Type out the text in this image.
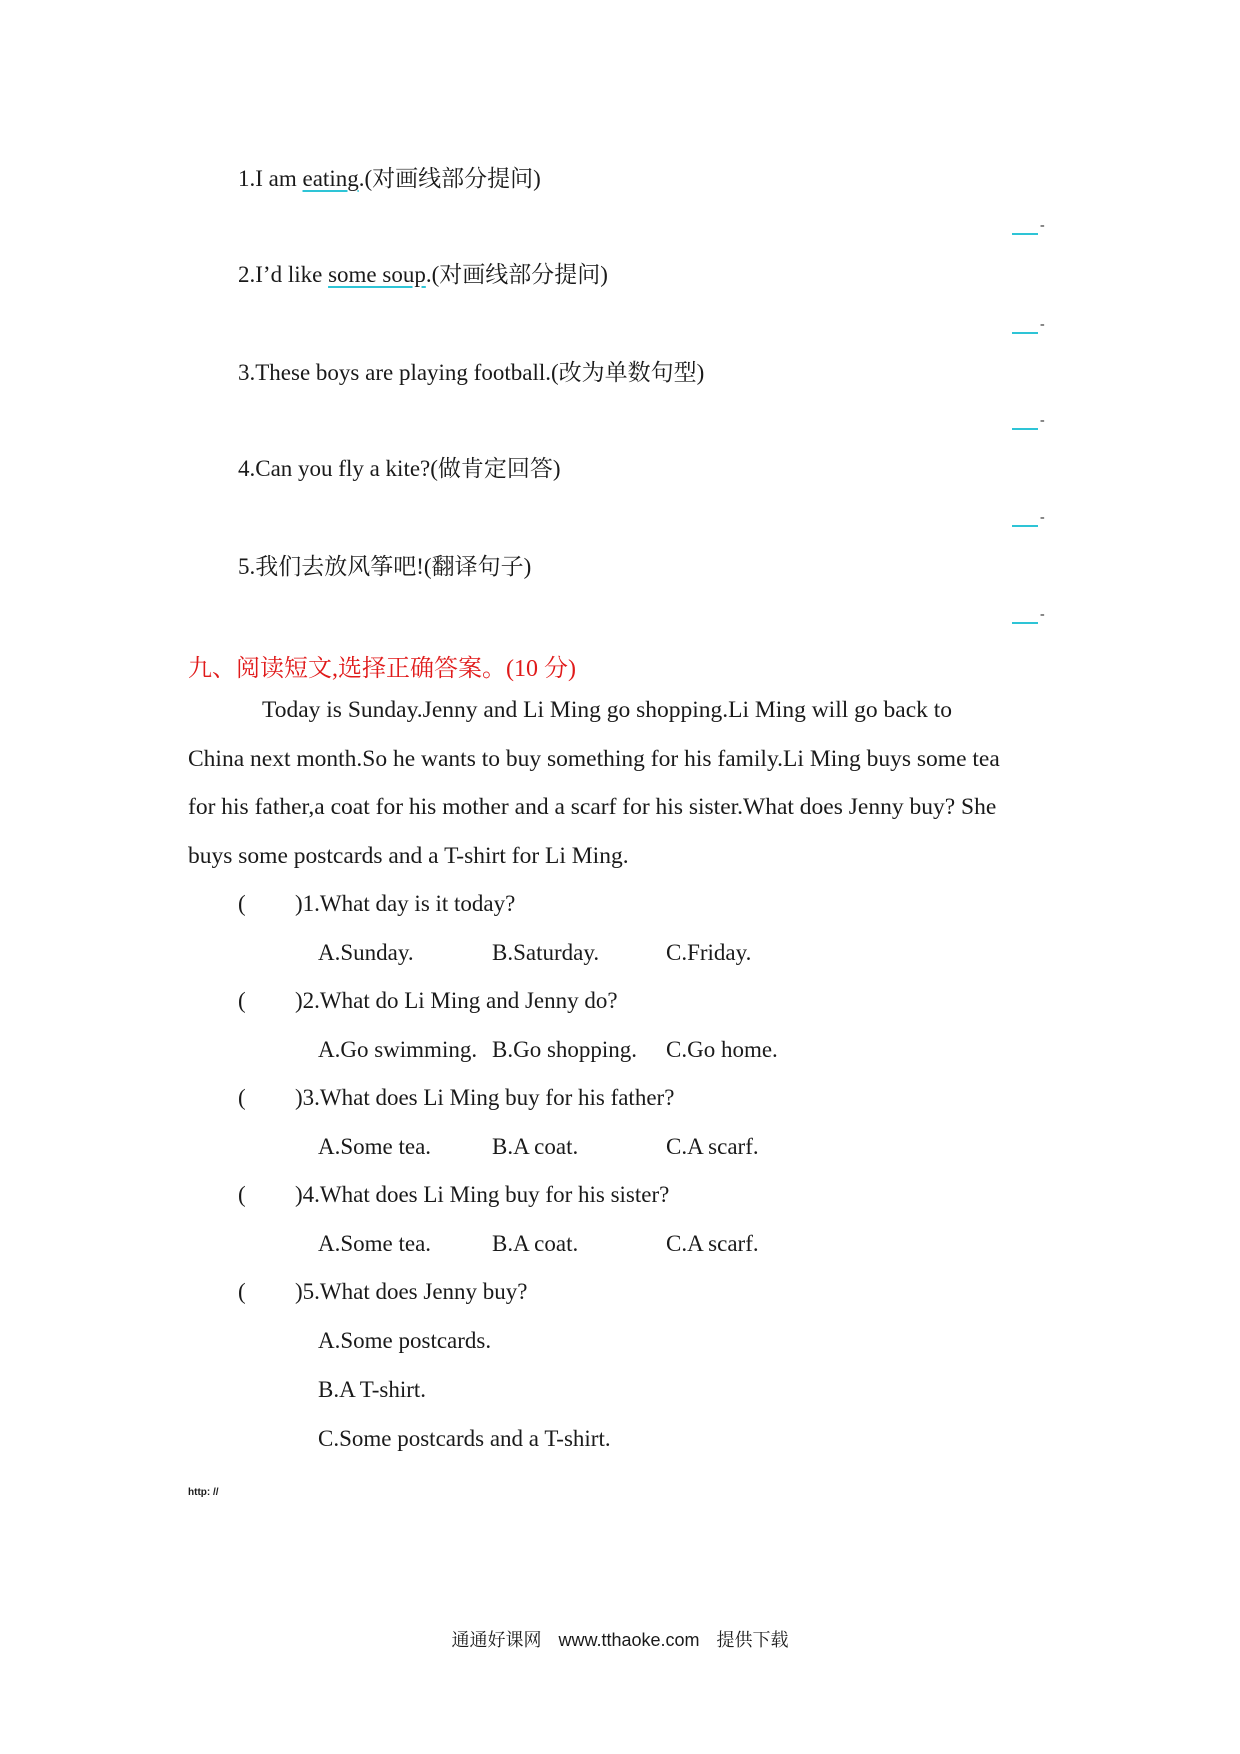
1.I am eating.(对画线部分提问)
-
2.I’d like some soup.(对画线部分提问)
-
3.These boys are playing football.(改为单数句型)
-
4.Can you fly a kite?(做肯定回答)
-
5.我们去放风筝吧!(翻译句子)
-
九、阅读短文,选择正确答案。(10 分)
Today is Sunday.Jenny and Li Ming go shopping.Li Ming will go back to
China next month.So he wants to buy something for his family.Li Ming buys some tea
for his father,a coat for his mother and a scarf for his sister.What does Jenny buy? She
buys some postcards and a T-shirt for Li Ming.
( )1.What day is it today?
A.Sunday.	B.Saturday.	C.Friday.
( )2.What do Li Ming and Jenny do?
A.Go swimming. B.Go shopping. C.Go home.
( )3.What does Li Ming buy for his father?
A.Some tea.	B.A coat.	C.A scarf.
( )4.What does Li Ming buy for his sister?
A.Some tea.	B.A coat.	C.A scarf.
( )5.What does Jenny buy?
A.Some postcards.
B.A T-shirt.
C.Some postcards and a T-shirt.
http: //
通通好课网 www.tthaoke.com 提供下载
